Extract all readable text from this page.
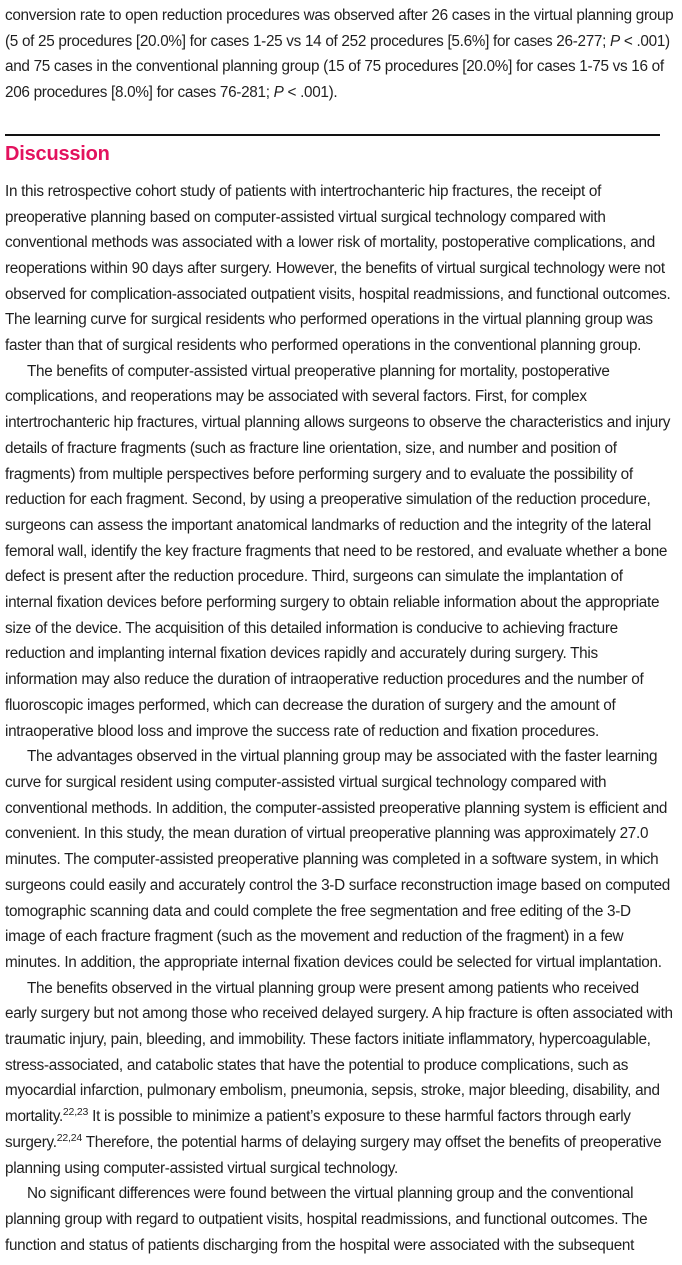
conversion rate to open reduction procedures was observed after 26 cases in the virtual planning group (5 of 25 procedures [20.0%] for cases 1-25 vs 14 of 252 procedures [5.6%] for cases 26-277; P < .001) and 75 cases in the conventional planning group (15 of 75 procedures [20.0%] for cases 1-75 vs 16 of 206 procedures [8.0%] for cases 76-281; P < .001).

Discussion

In this retrospective cohort study of patients with intertrochanteric hip fractures, the receipt of preoperative planning based on computer-assisted virtual surgical technology compared with conventional methods was associated with a lower risk of mortality, postoperative complications, and reoperations within 90 days after surgery. However, the benefits of virtual surgical technology were not observed for complication-associated outpatient visits, hospital readmissions, and functional outcomes. The learning curve for surgical residents who performed operations in the virtual planning group was faster than that of surgical residents who performed operations in the conventional planning group.

The benefits of computer-assisted virtual preoperative planning for mortality, postoperative complications, and reoperations may be associated with several factors. First, for complex intertrochanteric hip fractures, virtual planning allows surgeons to observe the characteristics and injury details of fracture fragments (such as fracture line orientation, size, and number and position of fragments) from multiple perspectives before performing surgery and to evaluate the possibility of reduction for each fragment. Second, by using a preoperative simulation of the reduction procedure, surgeons can assess the important anatomical landmarks of reduction and the integrity of the lateral femoral wall, identify the key fracture fragments that need to be restored, and evaluate whether a bone defect is present after the reduction procedure. Third, surgeons can simulate the implantation of internal fixation devices before performing surgery to obtain reliable information about the appropriate size of the device. The acquisition of this detailed information is conducive to achieving fracture reduction and implanting internal fixation devices rapidly and accurately during surgery. This information may also reduce the duration of intraoperative reduction procedures and the number of fluoroscopic images performed, which can decrease the duration of surgery and the amount of intraoperative blood loss and improve the success rate of reduction and fixation procedures.

The advantages observed in the virtual planning group may be associated with the faster learning curve for surgical resident using computer-assisted virtual surgical technology compared with conventional methods. In addition, the computer-assisted preoperative planning system is efficient and convenient. In this study, the mean duration of virtual preoperative planning was approximately 27.0 minutes. The computer-assisted preoperative planning was completed in a software system, in which surgeons could easily and accurately control the 3-D surface reconstruction image based on computed tomographic scanning data and could complete the free segmentation and free editing of the 3-D image of each fracture fragment (such as the movement and reduction of the fragment) in a few minutes. In addition, the appropriate internal fixation devices could be selected for virtual implantation.

The benefits observed in the virtual planning group were present among patients who received early surgery but not among those who received delayed surgery. A hip fracture is often associated with traumatic injury, pain, bleeding, and immobility. These factors initiate inflammatory, hypercoagulable, stress-associated, and catabolic states that have the potential to produce complications, such as myocardial infarction, pulmonary embolism, pneumonia, sepsis, stroke, major bleeding, disability, and mortality.$^{22,23}$ It is possible to minimize a patient’s exposure to these harmful factors through early surgery.$^{22,24}$ Therefore, the potential harms of delaying surgery may offset the benefits of preoperative planning using computer-assisted virtual surgical technology.

No significant differences were found between the virtual planning group and the conventional planning group with regard to outpatient visits, hospital readmissions, and functional outcomes. The function and status of patients discharging from the hospital were associated with the subsequent
